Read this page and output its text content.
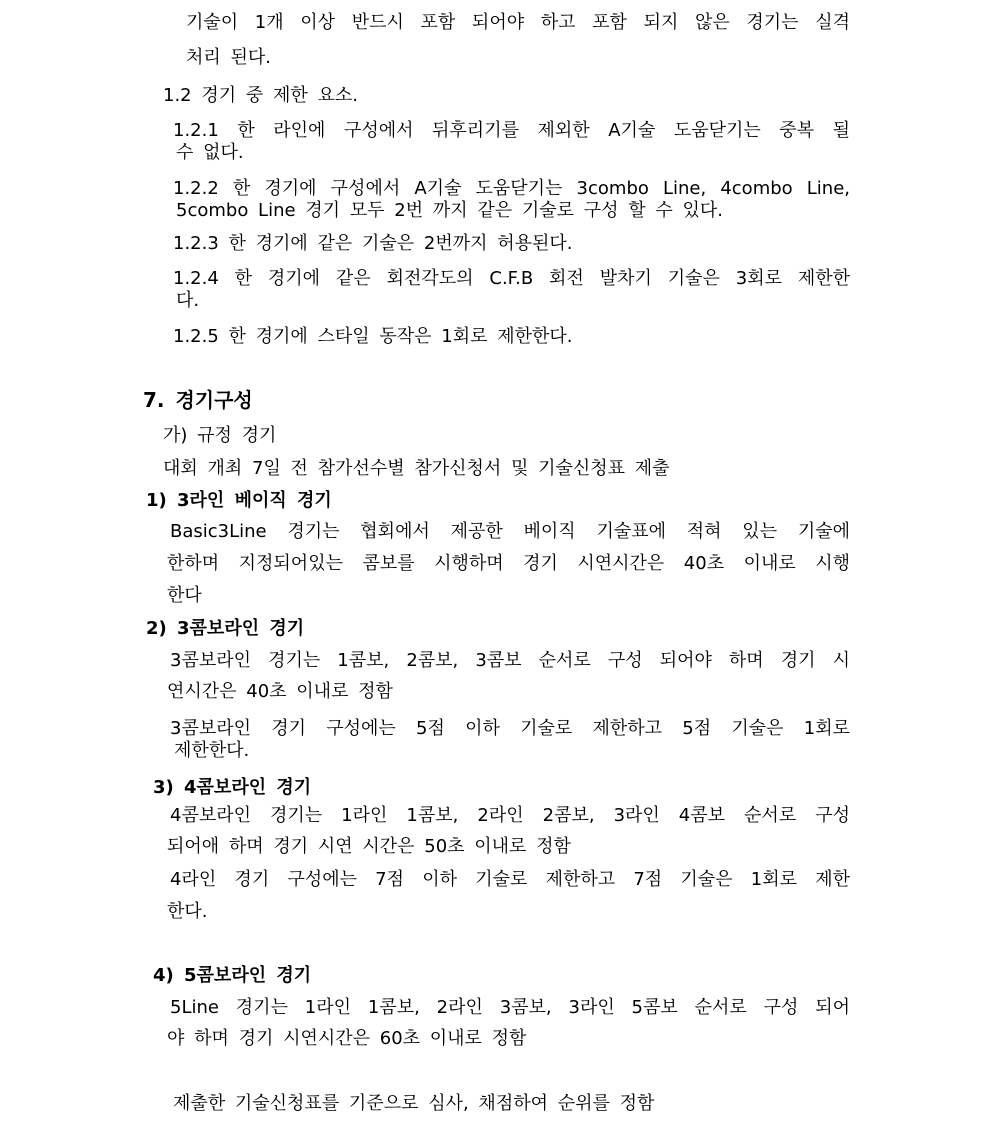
기술이 1개 이상 반드시 포함 되어야 하고 포함 되지 않은 경기는 실격
처리 된다.
1.2 경기 중 제한 요소.
1.2.1 한 라인에 구성에서 뒤후리기를 제외한 A기술 도움닫기는 중복 될
수 없다.
1.2.2 한 경기에 구성에서 A기술 도움닫기는 3combo Line, 4combo Line,
5combo Line 경기 모두 2번 까지 같은 기술로 구성 할 수 있다.
1.2.3 한 경기에 같은 기술은 2번까지 허용된다.
1.2.4 한 경기에 같은 회전각도의 C.F.B 회전 발차기 기술은 3회로 제한한
다.
1.2.5 한 경기에 스타일 동작은 1회로 제한한다.
7. 경기구성
가) 규정 경기
대회 개최 7일 전 참가선수별 참가신청서 및 기술신청표 제출
1) 3라인 베이직 경기
Basic3Line 경기는 협회에서 제공한 베이직 기술표에 적혀 있는 기술에
한하며 지정되어있는 콤보를 시행하며 경기 시연시간은 40초 이내로 시행
한다
2) 3콤보라인 경기
3콤보라인 경기는 1콤보, 2콤보, 3콤보 순서로 구성 되어야 하며 경기 시
연시간은 40초 이내로 정함
3콤보라인 경기 구성에는 5점 이하 기술로 제한하고 5점 기술은 1회로
제한한다.
3) 4콤보라인 경기
4콤보라인 경기는 1라인 1콤보, 2라인 2콤보, 3라인 4콤보 순서로 구성
되어애 하며 경기 시연 시간은 50초 이내로 정함
4라인 경기 구성에는 7점 이하 기술로 제한하고 7점 기술은 1회로 제한
한다.
4) 5콤보라인 경기
5Line 경기는 1라인 1콤보, 2라인 3콤보, 3라인 5콤보 순서로 구성 되어
야 하며 경기 시연시간은 60초 이내로 정함
제출한 기술신청표를 기준으로 심사, 채점하여 순위를 정함
